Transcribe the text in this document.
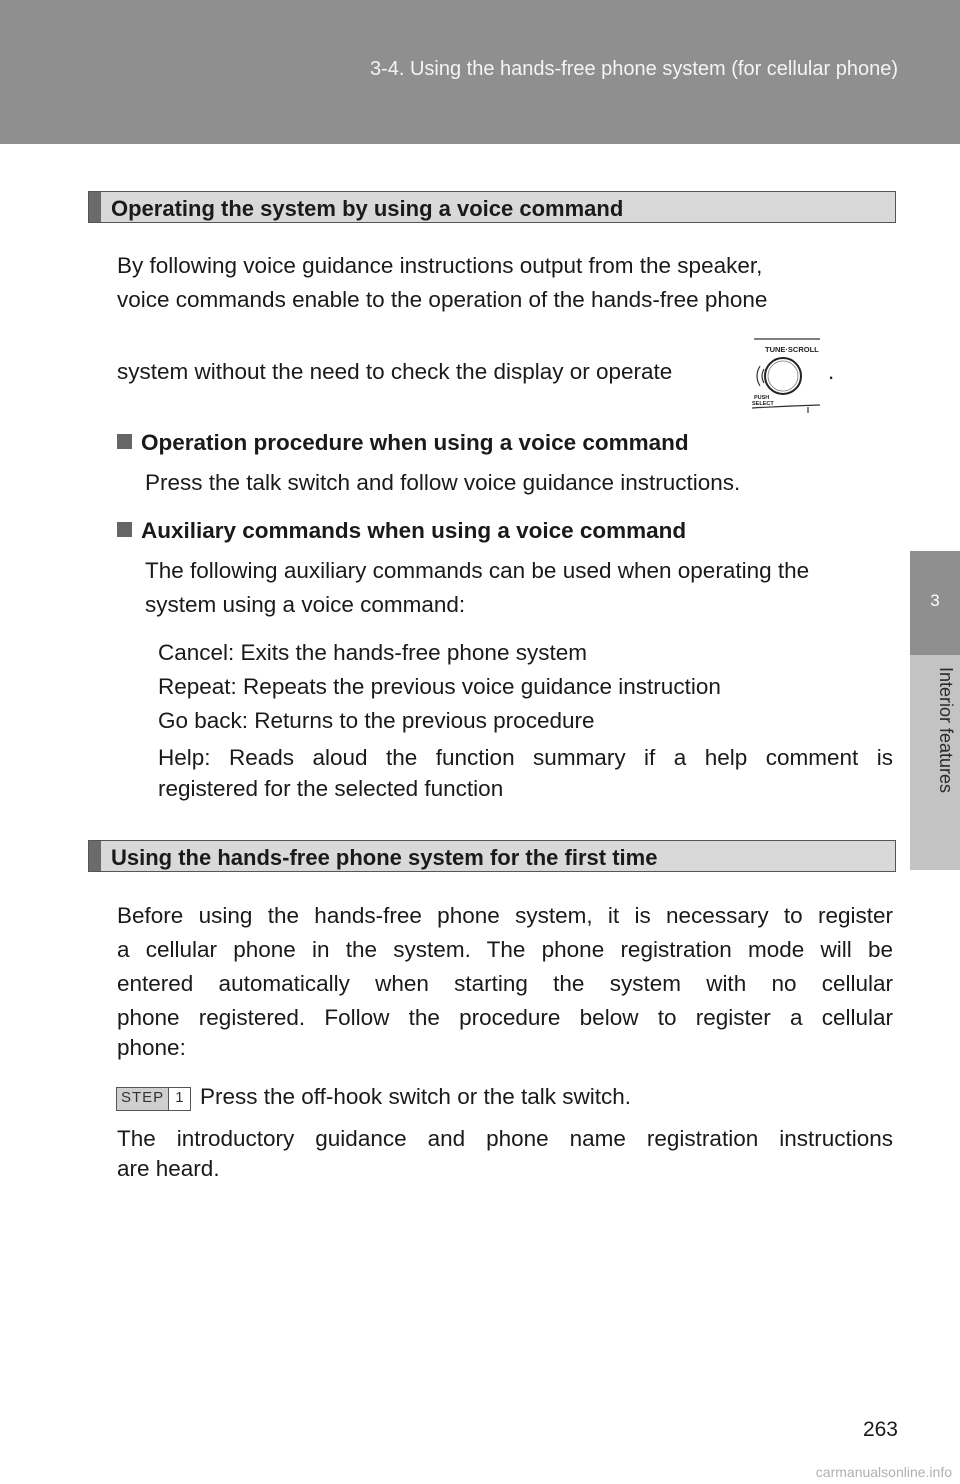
3-4. Using the hands-free phone system (for cellular phone)
3
Interior features
Operating the system by using a voice command
By following voice guidance instructions output from the speaker,
voice commands enable to the operation of the hands-free phone
system without the need to check the display or operate
TUNE·SCROLL
PUSH
SELECT
.
Operation procedure when using a voice command
Press the talk switch and follow voice guidance instructions.
Auxiliary commands when using a voice command
The following auxiliary commands can be used when operating the
system using a voice command:
Cancel: Exits the hands-free phone system
Repeat: Repeats the previous voice guidance instruction
Go back: Returns to the previous procedure
Help: Reads aloud the function summary if a help comment is
registered for the selected function
Using the hands-free phone system for the first time
Before using the hands-free phone system, it is necessary to register
a cellular phone in the system. The phone registration mode will be
entered automatically when starting the system with no cellular
phone registered. Follow the procedure below to register a cellular
phone:
STEP 1 Press the off-hook switch or the talk switch.
The introductory guidance and phone name registration instructions
are heard.
263
carmanualsonline.info
